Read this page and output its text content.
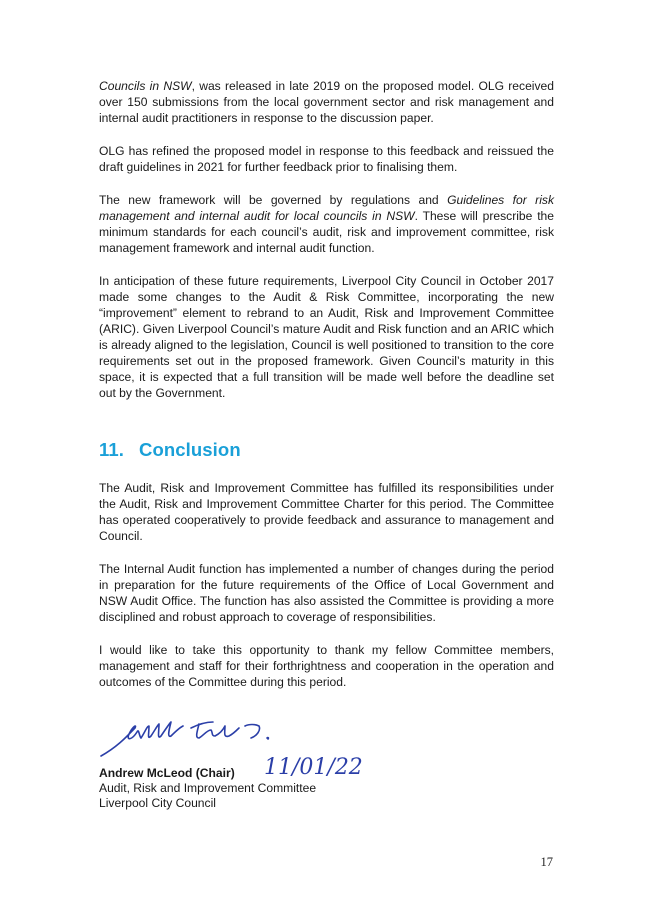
Councils in NSW, was released in late 2019 on the proposed model. OLG received over 150 submissions from the local government sector and risk management and internal audit practitioners in response to the discussion paper.

OLG has refined the proposed model in response to this feedback and reissued the draft guidelines in 2021 for further feedback prior to finalising them.

The new framework will be governed by regulations and Guidelines for risk management and internal audit for local councils in NSW. These will prescribe the minimum standards for each council’s audit, risk and improvement committee, risk management framework and internal audit function.

In anticipation of these future requirements, Liverpool City Council in October 2017 made some changes to the Audit & Risk Committee, incorporating the new “improvement” element to rebrand to an Audit, Risk and Improvement Committee (ARIC). Given Liverpool Council’s mature Audit and Risk function and an ARIC which is already aligned to the legislation, Council is well positioned to transition to the core requirements set out in the proposed framework. Given Council’s maturity in this space, it is expected that a full transition will be made well before the deadline set out by the Government.

11. Conclusion

The Audit, Risk and Improvement Committee has fulfilled its responsibilities under the Audit, Risk and Improvement Committee Charter for this period. The Committee has operated cooperatively to provide feedback and assurance to management and Council.

The Internal Audit function has implemented a number of changes during the period in preparation for the future requirements of the Office of Local Government and NSW Audit Office. The function has also assisted the Committee is providing a more disciplined and robust approach to coverage of responsibilities.

I would like to take this opportunity to thank my fellow Committee members, management and staff for their forthrightness and cooperation in the operation and outcomes of the Committee during this period.

11/01/22
Andrew McLeod (Chair)
Audit, Risk and Improvement Committee
Liverpool City Council
17
